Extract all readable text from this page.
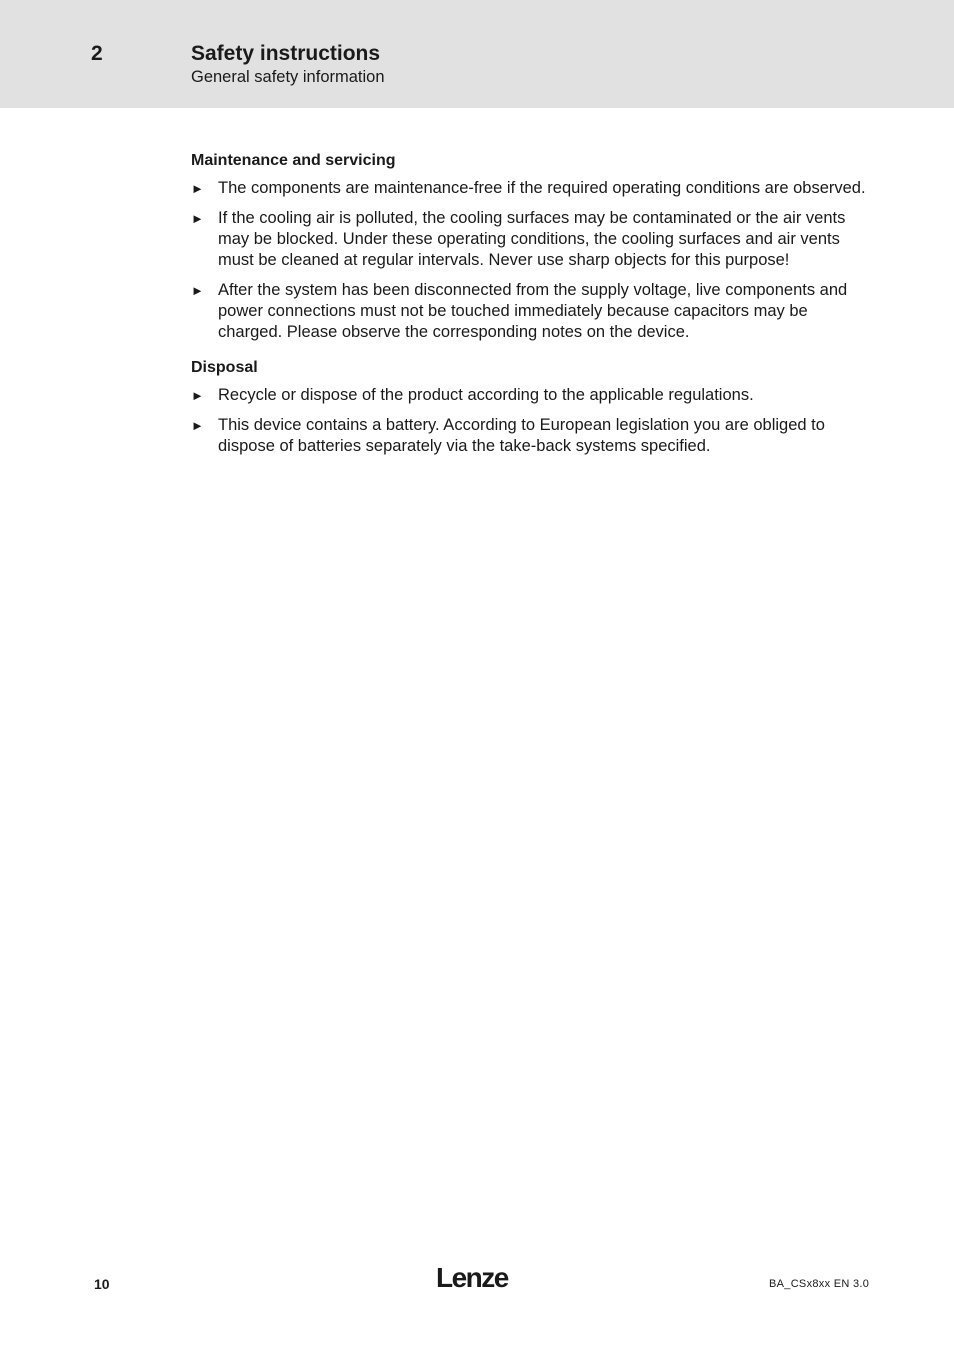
2	Safety instructions
General safety information
Maintenance and servicing
► The components are maintenance-free if the required operating conditions are observed.
► If the cooling air is polluted, the cooling surfaces may be contaminated or the air vents may be blocked. Under these operating conditions, the cooling surfaces and air vents must be cleaned at regular intervals. Never use sharp objects for this purpose!
► After the system has been disconnected from the supply voltage, live components and power connections must not be touched immediately because capacitors may be charged. Please observe the corresponding notes on the device.
Disposal
► Recycle or dispose of the product according to the applicable regulations.
► This device contains a battery. According to European legislation you are obliged to dispose of batteries separately via the take-back systems specified.
10	Lenze	BA_CSx8xx EN 3.0
